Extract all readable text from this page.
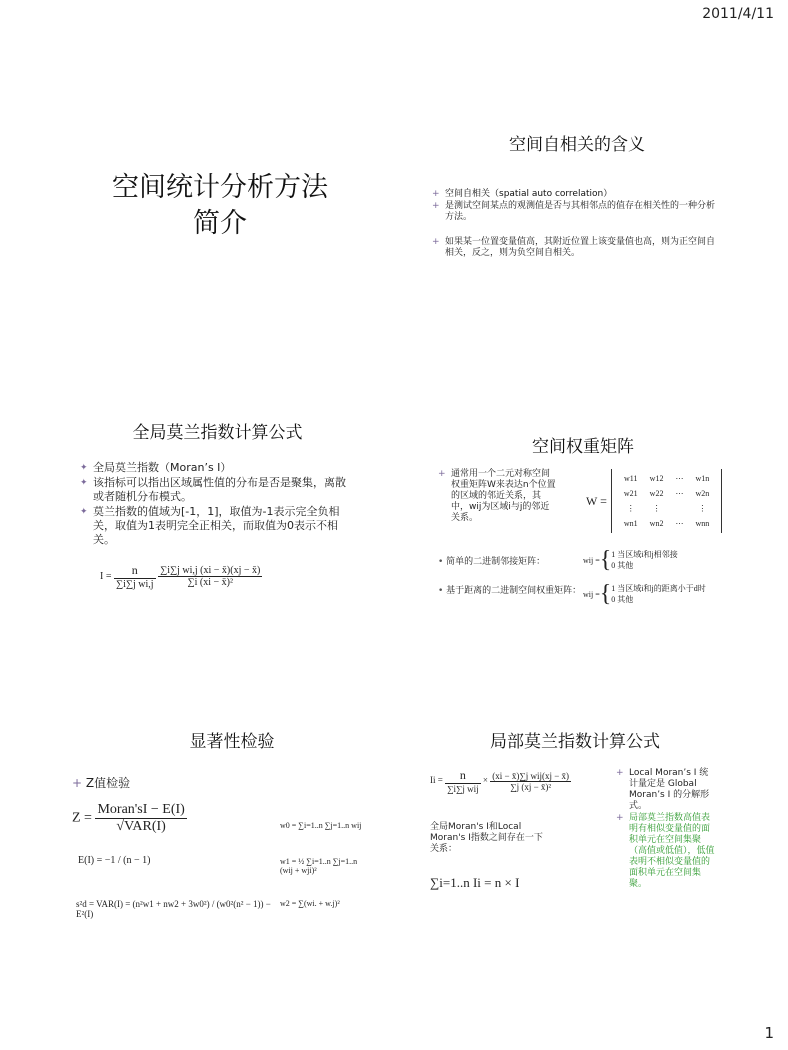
2011/4/11
1
空间统计分析方法
简介
空间自相关的含义
+ 空间自相关（spatial auto correlation）
+ 是测试空间某点的观测值是否与其相邻点的值存在相关性的一种分析方法。
+ 如果某一位置变量值高，其附近位置上该变量值也高，则为正空间自相关，反之，则为负空间自相关。
全局莫兰指数计算公式
✦ 全局莫兰指数（Moran’s I）
✦ 该指标可以指出区域属性值的分布是否是聚集，离散或者随机分布模式。
✦ 莫兰指数的值域为[-1，1]，取值为-1表示完全负相关，取值为1表明完全正相关，而取值为0表示不相关。
$I = \frac{n}{\text{∑i∑j wi,j}}$
$\frac{\text{∑i∑j wi,j (xi − x̄)(xj − x̄)}}{\text{∑i (xi − x̄)²}}$
空间权重矩阵
+ 通常用一个二元对称空间权重矩阵W来表达n个位置的区域的邻近关系，其中，wij为区域i与j的邻近关系。
W =
w11	w12	⋯	w1n
w21	w22	⋯	w2n
⋮	⋮		⋮
wn1	wn2	⋯	wnn
• 简单的二进制邻接矩阵：	wij = { 1 当区域i和j相邻接
0 其他
• 基于距离的二进制空间权重矩阵： wij = { 1 当区域i和j的距离小于d时
0 其他
显著性检验
+ Z值检验
$Z = \frac{\text{Moran'sI − E(I)}}{\text{√VAR(I)}}$
E(I) = −1 / (n − 1)
s²d = VAR(I) = (n²w1 + nw2 + 3w0²) / (w0²(n² − 1)) − E²(I)
w0 = ∑i=1..n ∑j=1..n wij
w1 = ½ ∑i=1..n ∑j=1..n (wij + wji)²
w2 = ∑(wi. + w.j)²
局部莫兰指数计算公式
$Ii = \frac{n}{\text{∑i∑j wij}} \times \frac{\text{(xi − x̄)∑j wij(xj − x̄)}}{\text{∑j (xj − x̄)²}}$
全局Moran's I和Local Moran's I指数之间存在一下关系：
∑i=1..n Ii = n × I
+ Local Moran’s I 统计量定是 Global Moran’s I 的分解形式。
+ 局部莫兰指数高值表明有相似变量值的面积单元在空间集聚（高值或低值），低值表明不相似变量值的面积单元在空间集聚。
